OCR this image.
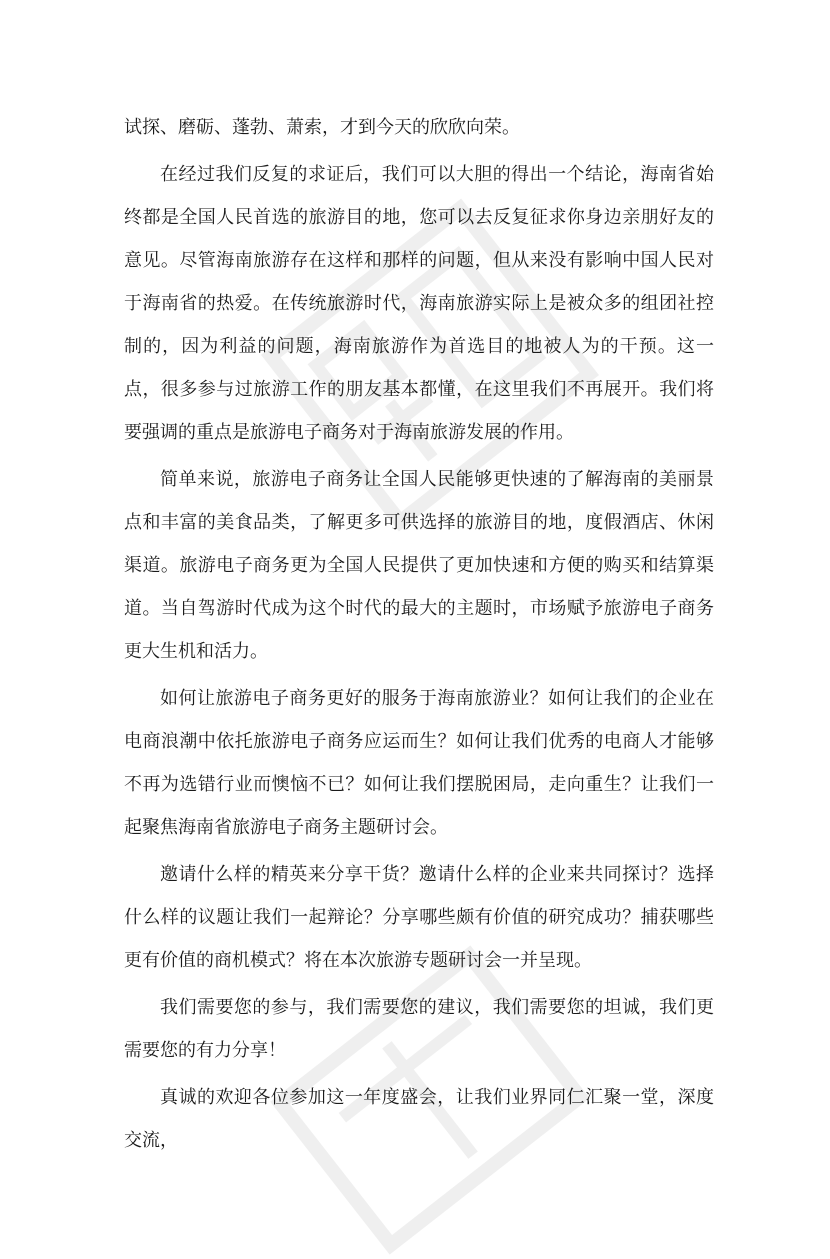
试探、磨砺、蓬勃、萧索，才到今天的欣欣向荣。

在经过我们反复的求证后，我们可以大胆的得出一个结论，海南省始终都是全国人民首选的旅游目的地，您可以去反复征求你身边亲朋好友的意见。尽管海南旅游存在这样和那样的问题，但从来没有影响中国人民对于海南省的热爱。在传统旅游时代，海南旅游实际上是被众多的组团社控制的，因为利益的问题，海南旅游作为首选目的地被人为的干预。这一点，很多参与过旅游工作的朋友基本都懂，在这里我们不再展开。我们将要强调的重点是旅游电子商务对于海南旅游发展的作用。

简单来说，旅游电子商务让全国人民能够更快速的了解海南的美丽景点和丰富的美食品类，了解更多可供选择的旅游目的地，度假酒店、休闲渠道。旅游电子商务更为全国人民提供了更加快速和方便的购买和结算渠道。当自驾游时代成为这个时代的最大的主题时，市场赋予旅游电子商务更大生机和活力。

如何让旅游电子商务更好的服务于海南旅游业？如何让我们的企业在电商浪潮中依托旅游电子商务应运而生？如何让我们优秀的电商人才能够不再为选错行业而懊恼不已？如何让我们摆脱困局，走向重生？让我们一起聚焦海南省旅游电子商务主题研讨会。

邀请什么样的精英来分享干货？邀请什么样的企业来共同探讨？选择什么样的议题让我们一起辩论？分享哪些颇有价值的研究成功？捕获哪些更有价值的商机模式？将在本次旅游专题研讨会一并呈现。

我们需要您的参与，我们需要您的建议，我们需要您的坦诚，我们更需要您的有力分享！

真诚的欢迎各位参加这一年度盛会，让我们业界同仁汇聚一堂，深度交流，
